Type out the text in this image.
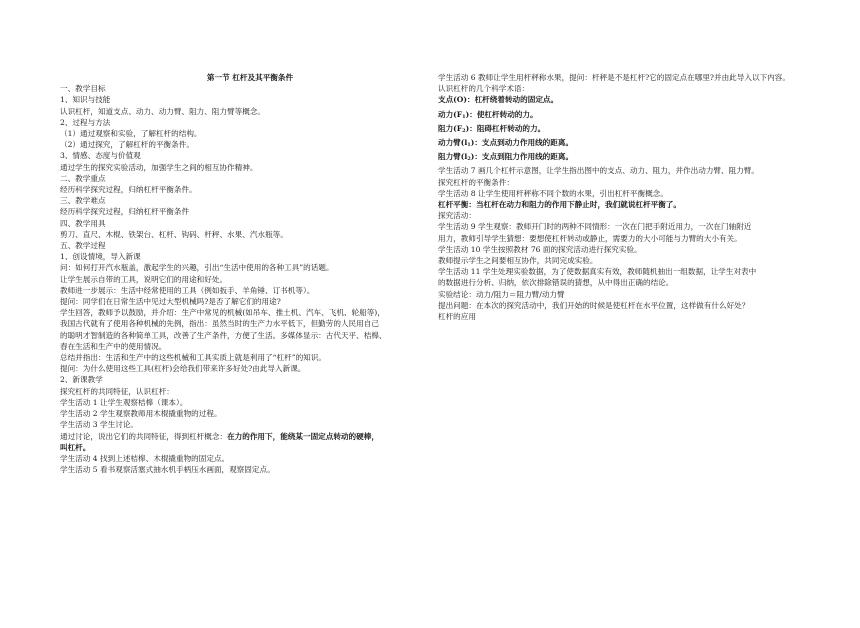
第一节 杠杆及其平衡条件
一、教学目标
1、知识与技能
认识杠杆，知道支点、动力、动力臂、阻力、阻力臂等概念。
2、过程与方法
（1）通过观察和实验，了解杠杆的结构。
（2）通过探究，了解杠杆的平衡条件。
3、情感、态度与价值观
通过学生的探究实验活动，加强学生之间的相互协作精神。
二、教学重点
经历科学探究过程，归纳杠杆平衡条件。
三、教学难点
经历科学探究过程，归纳杠杆平衡条件
四、教学用具
剪刀、直尺、木棍、铁架台、杠杆、钩码、杆秤、水果、汽水瓶等。
五、教学过程
1、创设情境，导入新课
问：如何打开汽水瓶盖，激起学生的兴趣，引出“生活中使用的各种工具”的话题。
让学生展示自带的工具，说明它们的用途和好处。
教师进一步展示：生活中经常使用的工具（例如扳手、羊角锤、订书机等）。
提问：同学们在日常生活中见过大型机械吗?是否了解它们的用途?
学生回答，教师予以鼓励，并介绍：生产中常见的机械(如吊车、推土机、汽车、飞机、轮船等)，
我国古代就有了使用各种机械的先例，指出：虽然当时的生产力水平低下，但勤劳的人民用自己
的聪明才智制造的各种简单工具，改善了生产条件，方便了生活。多媒体显示：古代天平、桔槔、
舂在生活和生产中的使用情况。
总结并指出：生活和生产中的这些机械和工具实质上就是利用了“杠杆”的知识。
提问：为什么使用这些工具(杠杆)会给我们带来许多好处?由此导入新课。
2、新课教学
探究杠杆的共同特征，认识杠杆：
学生活动 1 让学生观察桔槔（课本）。
学生活动 2 学生观察教师用木棍撬重物的过程。
学生活动 3 学生讨论。
通过讨论，说出它们的共同特征，得到杠杆概念：在力的作用下，能绕某一固定点转动的硬棒，
叫杠杆。
学生活动 4 找到上述桔槔、木棍撬重物的固定点。
学生活动 5 看书观察活塞式抽水机手柄压水画面，观察固定点。
学生活动 6 教师让学生用杆秤称水果，提问：杆秤是不是杠杆?它的固定点在哪里?并由此导入以下内容。
认识杠杆的几个科学术语：
支点(O)：杠杆绕着转动的固定点。
动力$(F_1)$：使杠杆转动的力。
阻力$(F_2)$：阻碍杠杆转动的力。
动力臂$(l_1)$：支点到动力作用线的距离。
阻力臂$(l_2)$：支点到阻力作用线的距离。
学生活动 7 画几个杠杆示意图，让学生指出图中的支点、动力、阻力，并作出动力臂、阻力臂。
探究杠杆的平衡条件：
学生活动 8 让学生使用杆秤称不同个数的水果，引出杠杆平衡概念。
杠杆平衡：当杠杆在动力和阻力的作用下静止时，我们就说杠杆平衡了。
探究活动：
学生活动 9 学生观察：教师开门时的两种不同情形：一次在门把手附近用力，一次在门轴附近
用力，教师引导学生猜想：要想使杠杆转动或静止，需要力的大小可能与力臂的大小有关。
学生活动 10 学生按照教材 76 面的探究活动进行探究实验。
教师提示学生之间要相互协作，共同完成实验。
学生活动 11 学生处理实验数据，为了使数据真实有效，教师随机抽出一组数据，让学生对表中
的数据进行分析、归纳，依次排除错误的猜想，从中得出正确的结论。
实验结论：动力/阻力＝阻力臂/动力臂
提出问题：在本次的探究活动中，我们开始的时候是使杠杆在水平位置，这样做有什么好处？
杠杆的应用
